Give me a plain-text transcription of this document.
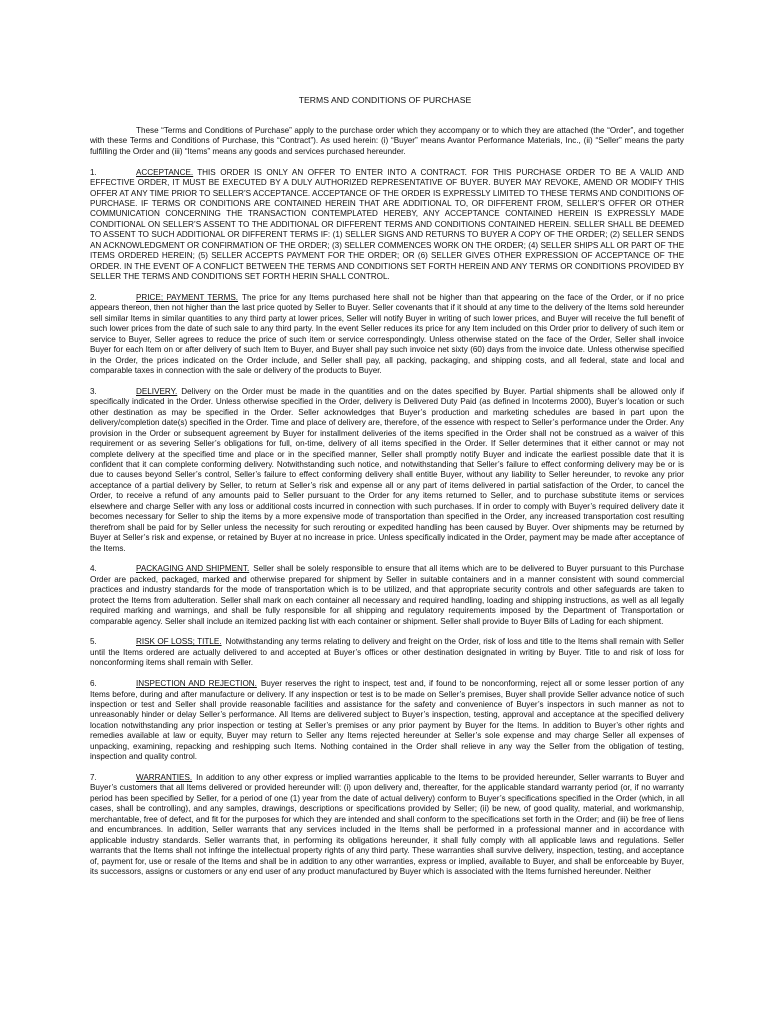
TERMS AND CONDITIONS OF PURCHASE

These “Terms and Conditions of Purchase” apply to the purchase order which they accompany or to which they are attached (the “Order”, and together with these Terms and Conditions of Purchase, this “Contract”). As used herein: (i) “Buyer” means Avantor Performance Materials, Inc., (ii) “Seller” means the party fulfilling the Order and (iii) “Items” means any goods and services purchased hereunder.

1.	ACCEPTANCE. THIS ORDER IS ONLY AN OFFER TO ENTER INTO A CONTRACT. FOR THIS PURCHASE ORDER TO BE A VALID AND EFFECTIVE ORDER, IT MUST BE EXECUTED BY A DULY AUTHORIZED REPRESENTATIVE OF BUYER. BUYER MAY REVOKE, AMEND OR MODIFY THIS OFFER AT ANY TIME PRIOR TO SELLER’S ACCEPTANCE. ACCEPTANCE OF THE ORDER IS EXPRESSLY LIMITED TO THESE TERMS AND CONDITIONS OF PURCHASE. IF TERMS OR CONDITIONS ARE CONTAINED HEREIN THAT ARE ADDITIONAL TO, OR DIFFERENT FROM, SELLER’S OFFER OR OTHER COMMUNICATION CONCERNING THE TRANSACTION CONTEMPLATED HEREBY, ANY ACCEPTANCE CONTAINED HEREIN IS EXPRESSLY MADE CONDITIONAL ON SELLER’S ASSENT TO THE ADDITIONAL OR DIFFERENT TERMS AND CONDITIONS CONTAINED HEREIN. SELLER SHALL BE DEEMED TO ASSENT TO SUCH ADDITIONAL OR DIFFERENT TERMS IF: (1) SELLER SIGNS AND RETURNS TO BUYER A COPY OF THE ORDER; (2) SELLER SENDS AN ACKNOWLEDGMENT OR CONFIRMATION OF THE ORDER; (3) SELLER COMMENCES WORK ON THE ORDER; (4) SELLER SHIPS ALL OR PART OF THE ITEMS ORDERED HEREIN; (5) SELLER ACCEPTS PAYMENT FOR THE ORDER; OR (6) SELLER GIVES OTHER EXPRESSION OF ACCEPTANCE OF THE ORDER. IN THE EVENT OF A CONFLICT BETWEEN THE TERMS AND CONDITIONS SET FORTH HEREIN AND ANY TERMS OR CONDITIONS PROVIDED BY SELLER THE TERMS AND CONDITIONS SET FORTH HERIN SHALL CONTROL.

2.	PRICE; PAYMENT TERMS. The price for any Items purchased here shall not be higher than that appearing on the face of the Order, or if no price appears thereon, then not higher than the last price quoted by Seller to Buyer. Seller covenants that if it should at any time to the delivery of the Items sold hereunder sell similar Items in similar quantities to any third party at lower prices, Seller will notify Buyer in writing of such lower prices, and Buyer will receive the full benefit of such lower prices from the date of such sale to any third party. In the event Seller reduces its price for any Item included on this Order prior to delivery of such item or service to Buyer, Seller agrees to reduce the price of such item or service correspondingly. Unless otherwise stated on the face of the Order, Seller shall invoice Buyer for each Item on or after delivery of such Item to Buyer, and Buyer shall pay such invoice net sixty (60) days from the invoice date. Unless otherwise specified in the Order, the prices indicated on the Order include, and Seller shall pay, all packing, packaging, and shipping costs, and all federal, state and local and comparable taxes in connection with the sale or delivery of the products to Buyer.

3.	DELIVERY. Delivery on the Order must be made in the quantities and on the dates specified by Buyer. Partial shipments shall be allowed only if specifically indicated in the Order. Unless otherwise specified in the Order, delivery is Delivered Duty Paid (as defined in Incoterms 2000), Buyer’s location or such other destination as may be specified in the Order. Seller acknowledges that Buyer’s production and marketing schedules are based in part upon the delivery/completion date(s) specified in the Order. Time and place of delivery are, therefore, of the essence with respect to Seller’s performance under the Order. Any provision in the Order or subsequent agreement by Buyer for installment deliveries of the items specified in the Order shall not be construed as a waiver of this requirement or as severing Seller’s obligations for full, on-time, delivery of all items specified in the Order. If Seller determines that it either cannot or may not complete delivery at the specified time and place or in the specified manner, Seller shall promptly notify Buyer and indicate the earliest possible date that it is confident that it can complete conforming delivery. Notwithstanding such notice, and notwithstanding that Seller’s failure to effect conforming delivery may be or is due to causes beyond Seller’s control, Seller’s failure to effect conforming delivery shall entitle Buyer, without any liability to Seller hereunder, to revoke any prior acceptance of a partial delivery by Seller, to return at Seller’s risk and expense all or any part of items delivered in partial satisfaction of the Order, to cancel the Order, to receive a refund of any amounts paid to Seller pursuant to the Order for any items returned to Seller, and to purchase substitute items or services elsewhere and charge Seller with any loss or additional costs incurred in connection with such purchases. If in order to comply with Buyer’s required delivery date it becomes necessary for Seller to ship the items by a more expensive mode of transportation than specified in the Order, any increased transportation cost resulting therefrom shall be paid for by Seller unless the necessity for such rerouting or expedited handling has been caused by Buyer. Over shipments may be returned by Buyer at Seller’s risk and expense, or retained by Buyer at no increase in price. Unless specifically indicated in the Order, payment may be made after acceptance of the Items.

4.	PACKAGING AND SHIPMENT. Seller shall be solely responsible to ensure that all items which are to be delivered to Buyer pursuant to this Purchase Order are packed, packaged, marked and otherwise prepared for shipment by Seller in suitable containers and in a manner consistent with sound commercial practices and industry standards for the mode of transportation which is to be utilized, and that appropriate security controls and other safeguards are taken to protect the Items from adulteration. Seller shall mark on each container all necessary and required handling, loading and shipping instructions, as well as all legally required marking and warnings, and shall be fully responsible for all shipping and regulatory requirements imposed by the Department of Transportation or comparable agency. Seller shall include an itemized packing list with each container or shipment. Seller shall provide to Buyer Bills of Lading for each shipment.

5.	RISK OF LOSS; TITLE. Notwithstanding any terms relating to delivery and freight on the Order, risk of loss and title to the Items shall remain with Seller until the Items ordered are actually delivered to and accepted at Buyer’s offices or other destination designated in writing by Buyer. Title to and risk of loss for nonconforming items shall remain with Seller.

6.	INSPECTION AND REJECTION. Buyer reserves the right to inspect, test and, if found to be nonconforming, reject all or some lesser portion of any Items before, during and after manufacture or delivery. If any inspection or test is to be made on Seller’s premises, Buyer shall provide Seller advance notice of such inspection or test and Seller shall provide reasonable facilities and assistance for the safety and convenience of Buyer’s inspectors in such manner as not to unreasonably hinder or delay Seller’s performance. All Items are delivered subject to Buyer’s inspection, testing, approval and acceptance at the specified delivery location notwithstanding any prior inspection or testing at Seller’s premises or any prior payment by Buyer for the Items. In addition to Buyer’s other rights and remedies available at law or equity, Buyer may return to Seller any Items rejected hereunder at Seller’s sole expense and may charge Seller all expenses of unpacking, examining, repacking and reshipping such Items. Nothing contained in the Order shall relieve in any way the Seller from the obligation of testing, inspection and quality control.

7.	WARRANTIES. In addition to any other express or implied warranties applicable to the Items to be provided hereunder, Seller warrants to Buyer and Buyer’s customers that all Items delivered or provided hereunder will: (i) upon delivery and, thereafter, for the applicable standard warranty period (or, if no warranty period has been specified by Seller, for a period of one (1) year from the date of actual delivery) conform to Buyer’s specifications specified in the Order (which, in all cases, shall be controlling), and any samples, drawings, descriptions or specifications provided by Seller; (ii) be new, of good quality, material, and workmanship, merchantable, free of defect, and fit for the purposes for which they are intended and shall conform to the specifications set forth in the Order; and (iii) be free of liens and encumbrances. In addition, Seller warrants that any services included in the Items shall be performed in a professional manner and in accordance with applicable industry standards. Seller warrants that, in performing its obligations hereunder, it shall fully comply with all applicable laws and regulations. Seller warrants that the Items shall not infringe the intellectual property rights of any third party. These warranties shall survive delivery, inspection, testing, and acceptance of, payment for, use or resale of the Items and shall be in addition to any other warranties, express or implied, available to Buyer, and shall be enforceable by Buyer, its successors, assigns or customers or any end user of any product manufactured by Buyer which is associated with the Items furnished hereunder. Neither
